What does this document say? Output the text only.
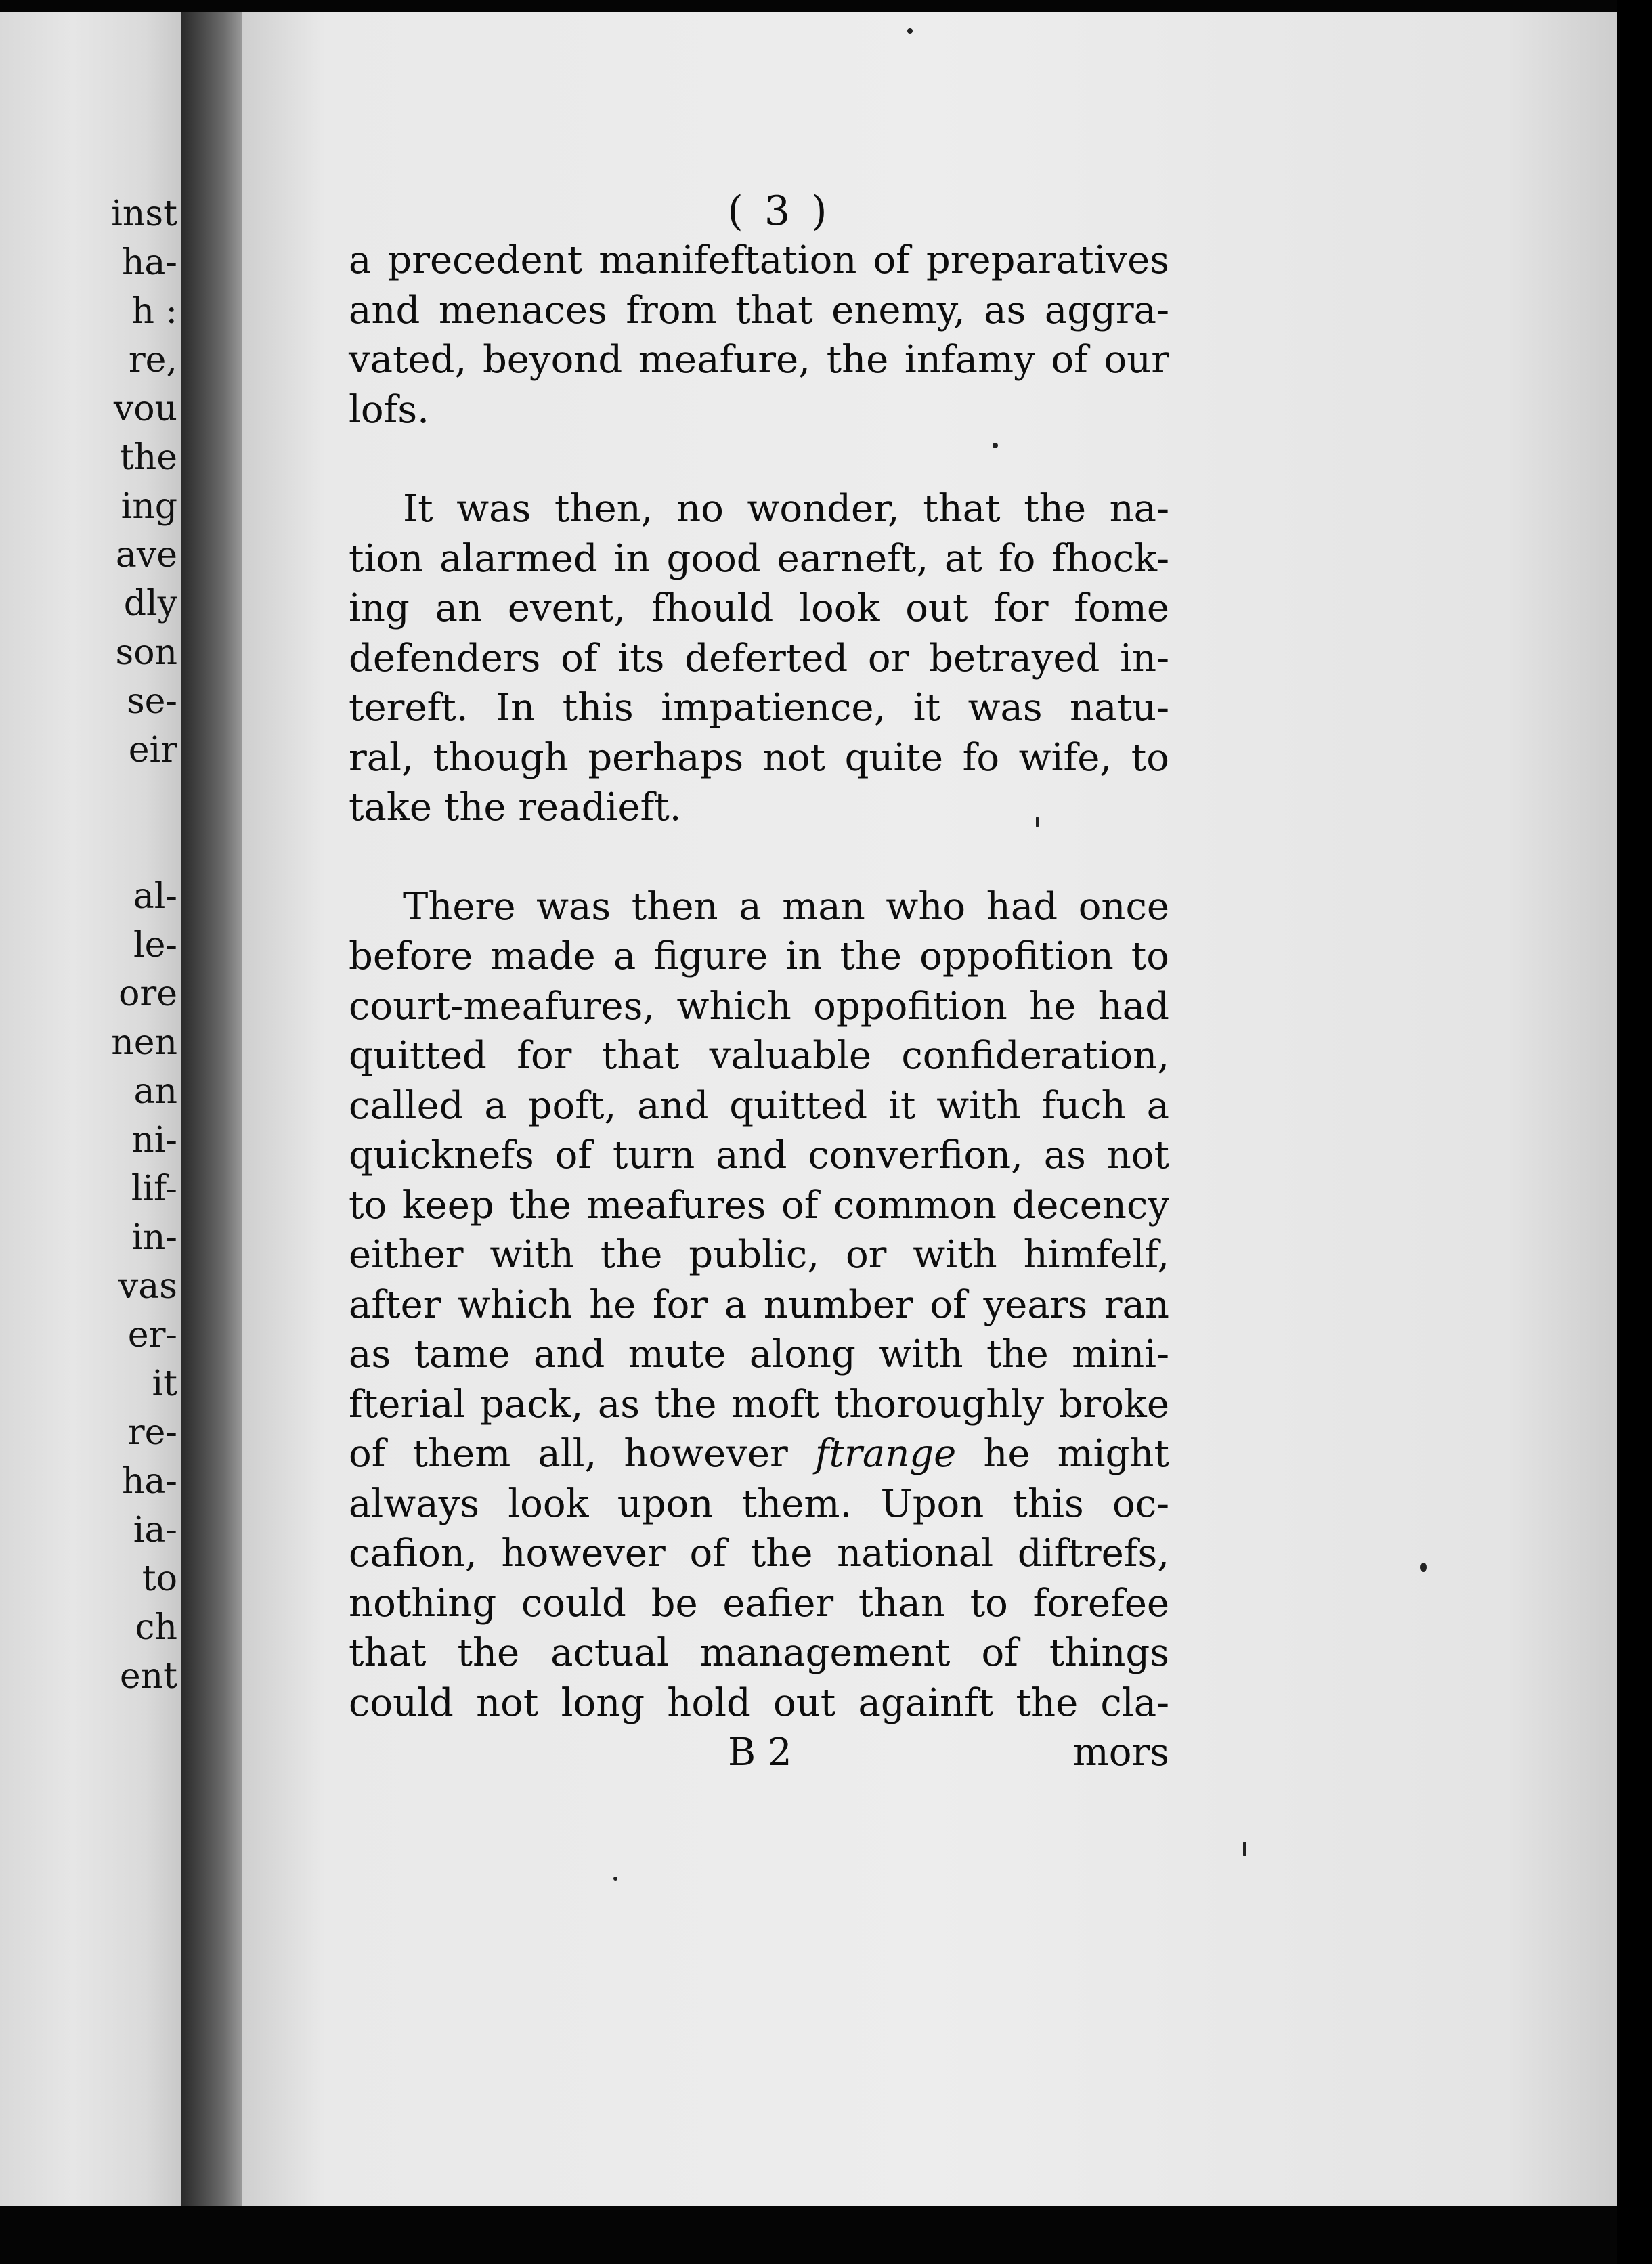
inst
ha-
h :
re,
vou
the
ing
ave
dly
son
se-
eir
al-
le-
ore
nen
an
ni-
lif-
in-
vas
er-
it
re-
ha-
ia-
to
ch
ent
( 3 )
a precedent manifeftation of preparatives
and menaces from that enemy, as aggra-
vated, beyond meafure, the infamy of our
lofs.
It was then, no wonder, that the na-
tion alarmed in good earneft, at fo fhock-
ing an event, fhould look out for fome
defenders of its deferted or betrayed in-
tereft. In this impatience, it was natu-
ral, though perhaps not quite fo wife, to
take the readieft.
There was then a man who had once
before made a figure in the oppofition to
court-meafures, which oppofition he had
quitted for that valuable confideration,
called a poft, and quitted it with fuch a
quicknefs of turn and converfion, as not
to keep the meafures of common decency
either with the public, or with himfelf,
after which he for a number of years ran
as tame and mute along with the mini-
fterial pack, as the moft thoroughly broke
of them all, however ftrange he might
always look upon them. Upon this oc-
cafion, however of the national diftrefs,
nothing could be eafier than to forefee
that the actual management of things
could not long hold out againft the cla-
B 2	mors
